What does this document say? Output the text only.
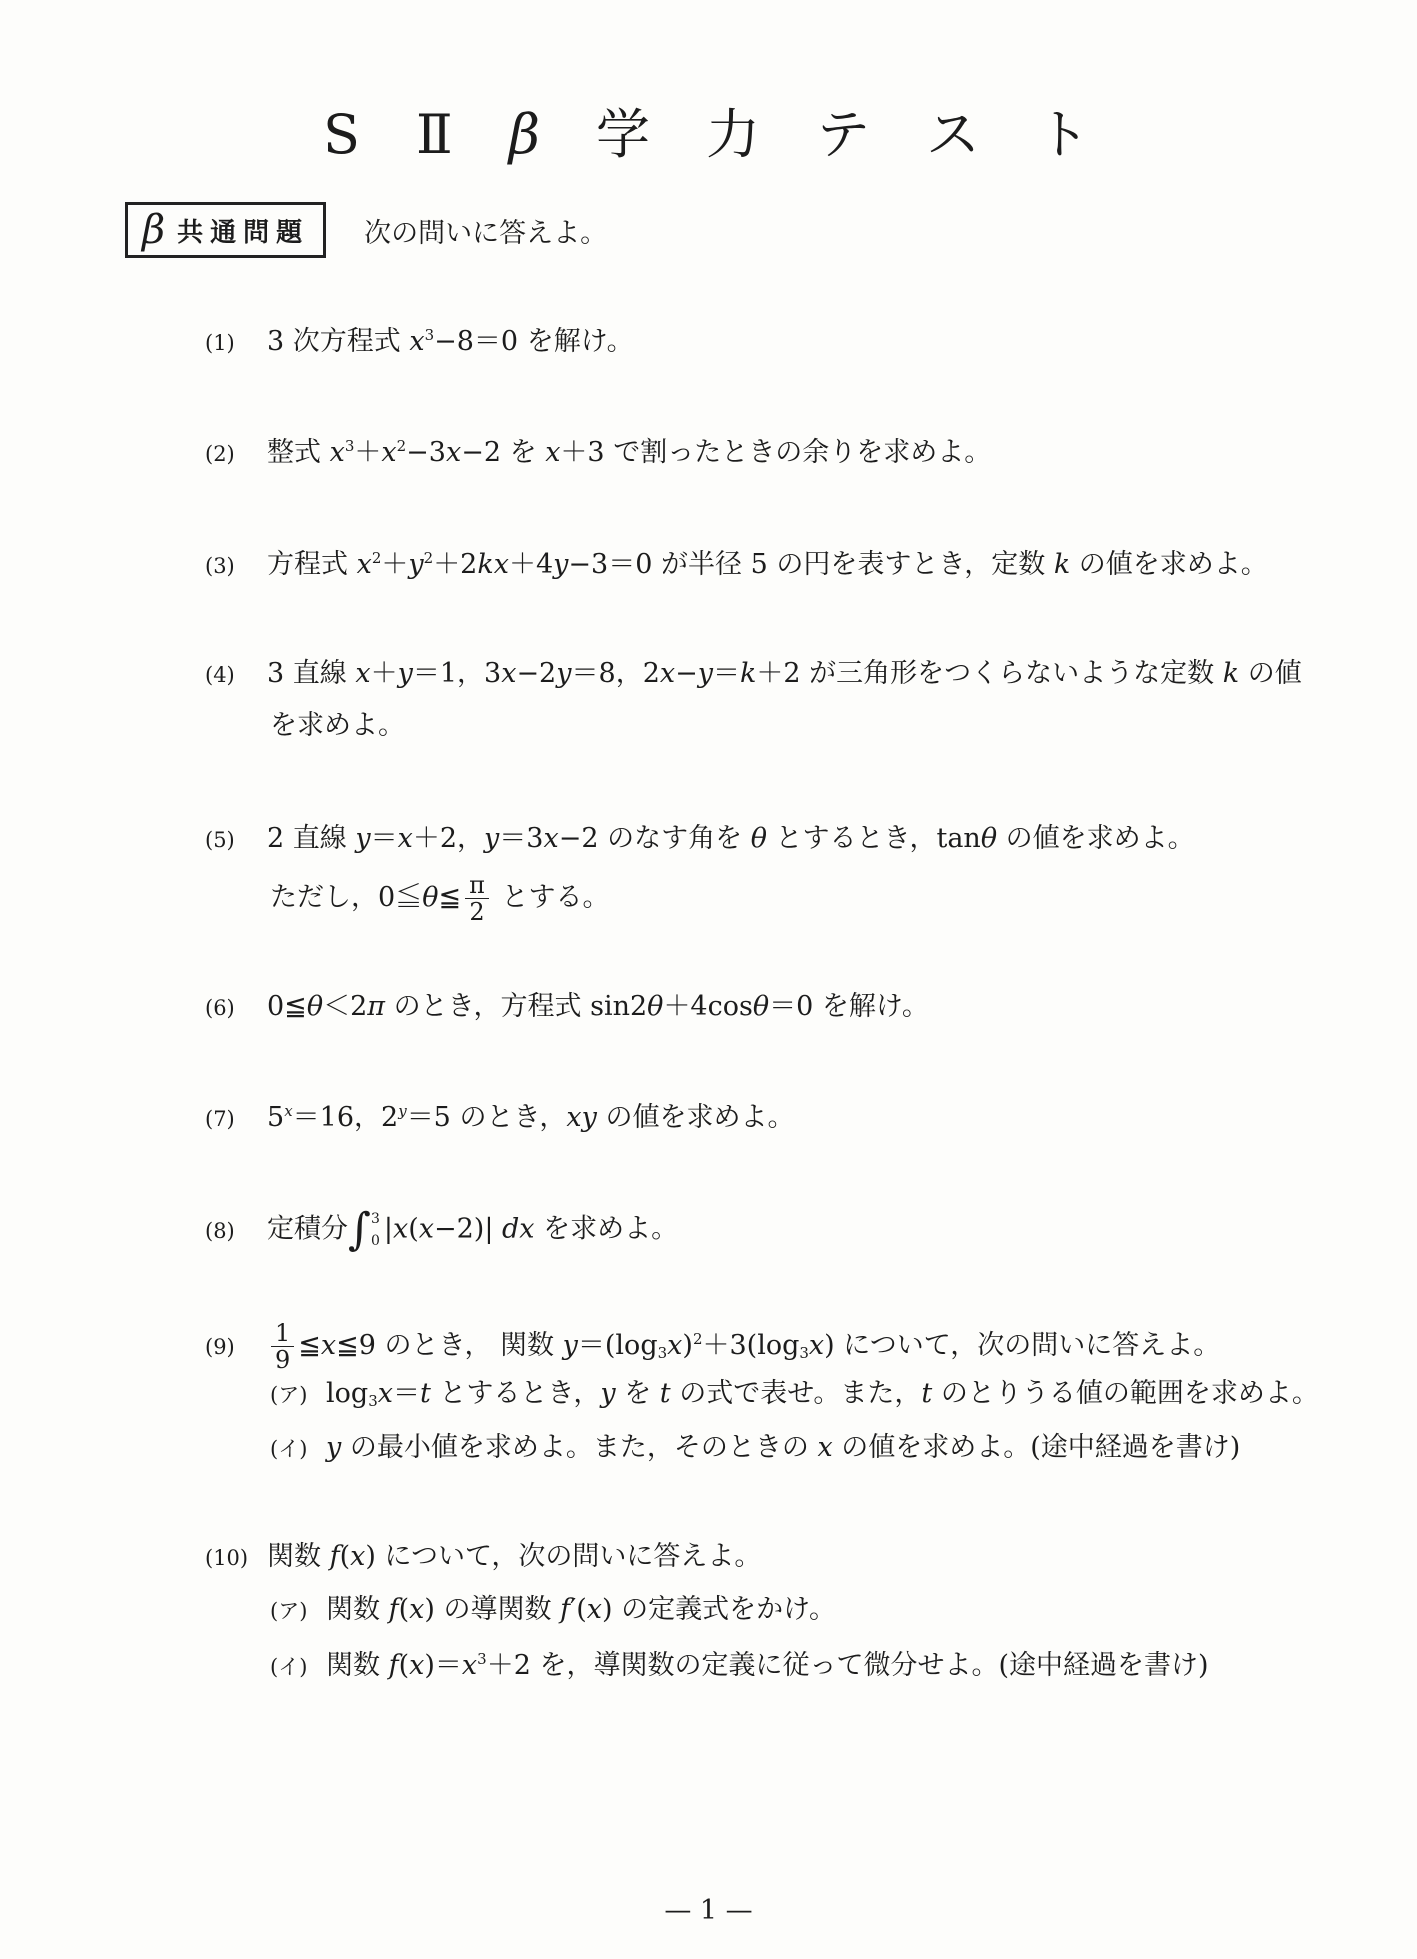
S Ⅱ β 学 力 テ ス ト
β 共通問題 次の問いに答えよ。
(1) 3 次方程式 $x^3-8=0$ を解け。
(2) 整式 $x^3+x^2-3x-2$ を x＋3 で割ったときの余りを求めよ。
(3) 方程式 $x^2+y^2+2kx+4y-3=0$ が半径 5 の円を表すとき，定数 k の値を求めよ。
(4) 3 直線 x＋y＝1，3x−2y＝8，2x−y＝k＋2 が三角形をつくらないような定数 k の値
を求めよ。
(5) 2 直線 y＝x＋2，y＝3x−2 のなす角を θ とするとき，tanθ の値を求めよ。
ただし，0≦θ≦ $\frac{\pi}{2}$ とする。
(6) 0≦θ＜2π のとき，方程式 sin2θ＋4cosθ＝0 を解け。
(7) $5^x=16$，$2^y=5$ のとき，xy の値を求めよ。
(8) 定積分∫ 3
0 |x(x−2)| dx を求めよ。
$(9) \frac{1}{9}$ ≦x≦9 のとき， 関数 $y=(\log_3x)^2+3(\log_3x)$ について，次の問いに答えよ。
(ア) $\log_3x=t$ とするとき，y を t の式で表せ。また，t のとりうる値の範囲を求めよ。
(イ) y の最小値を求めよ。また，そのときの x の値を求めよ。(途中経過を書け)
(10) 関数 f(x) について，次の問いに答えよ。
(ア) 関数 f(x) の導関数 f′(x) の定義式をかけ。
(イ) 関数 $f(x)=x^3+2$ を，導関数の定義に従って微分せよ。(途中経過を書け)
— 1 —
